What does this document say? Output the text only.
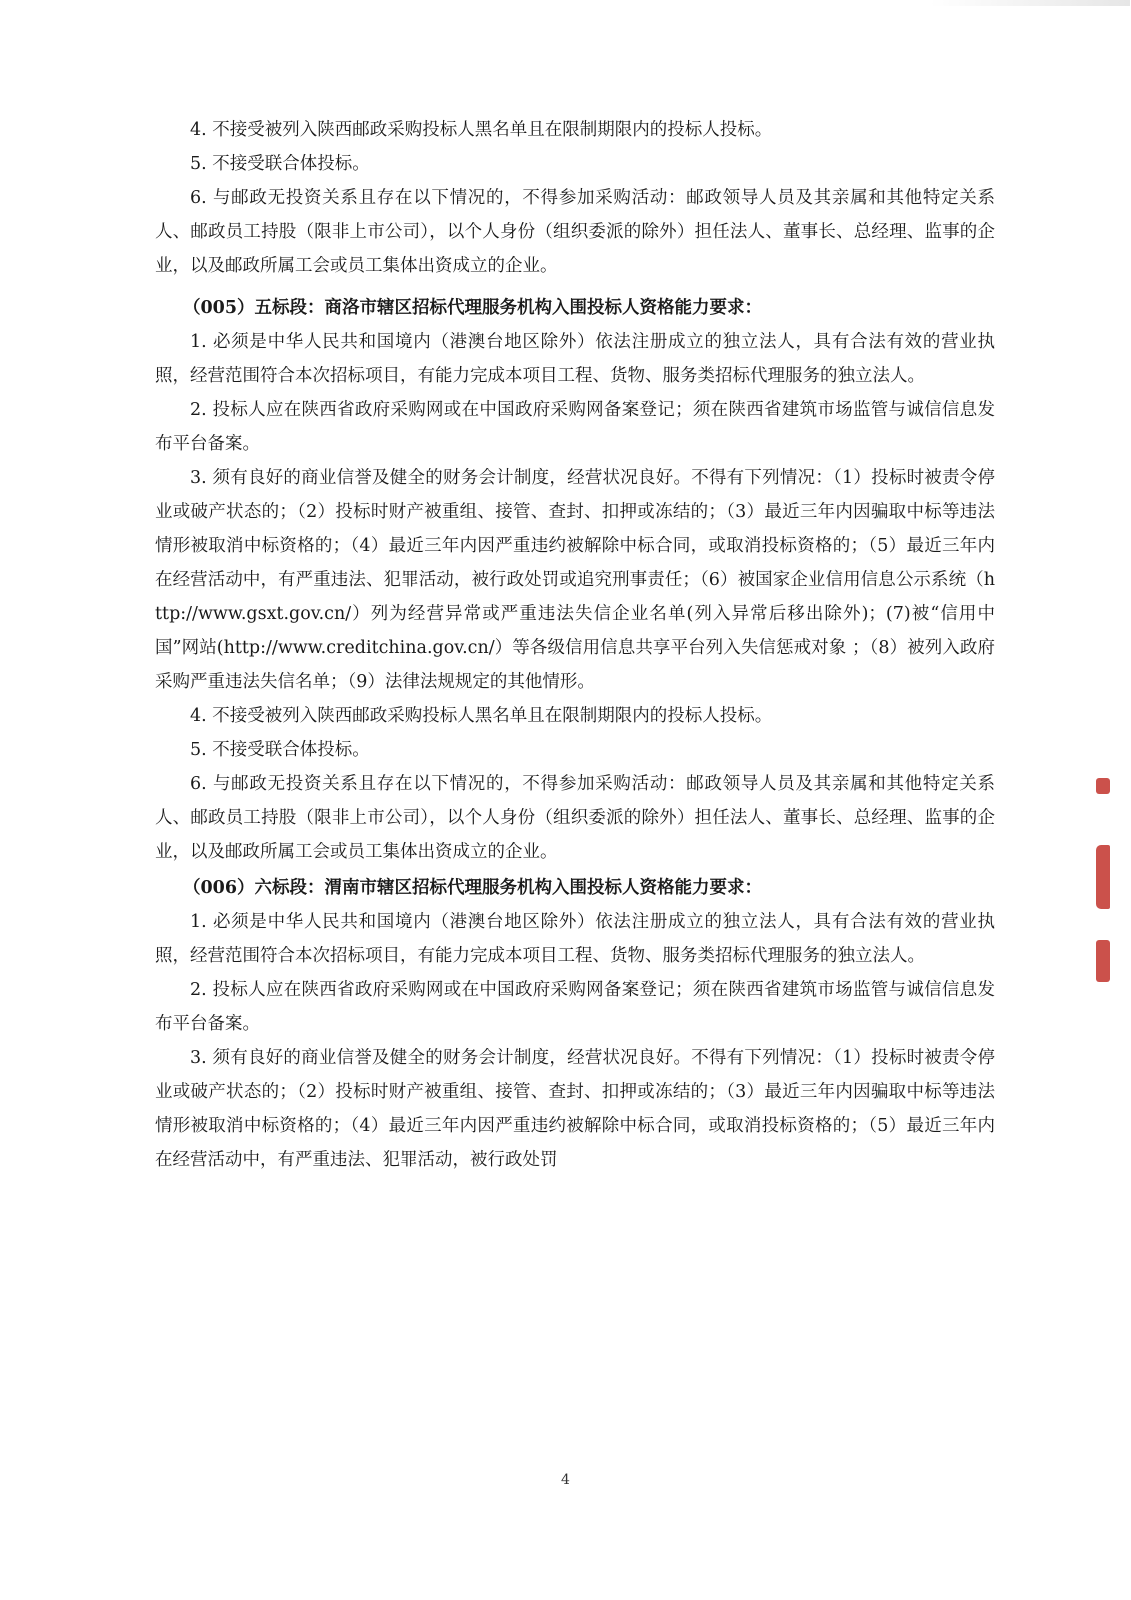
4. 不接受被列入陕西邮政采购投标人黑名单且在限制期限内的投标人投标。

5. 不接受联合体投标。

6. 与邮政无投资关系且存在以下情况的，不得参加采购活动：邮政领导人员及其亲属和其他特定关系人、邮政员工持股（限非上市公司），以个人身份（组织委派的除外）担任法人、董事长、总经理、监事的企业，以及邮政所属工会或员工集体出资成立的企业。

（005）五标段：商洛市辖区招标代理服务机构入围投标人资格能力要求：

1. 必须是中华人民共和国境内（港澳台地区除外）依法注册成立的独立法人，具有合法有效的营业执照，经营范围符合本次招标项目，有能力完成本项目工程、货物、服务类招标代理服务的独立法人。

2. 投标人应在陕西省政府采购网或在中国政府采购网备案登记；须在陕西省建筑市场监管与诚信信息发布平台备案。

3. 须有良好的商业信誉及健全的财务会计制度，经营状况良好。不得有下列情况：（1）投标时被责令停业或破产状态的；（2）投标时财产被重组、接管、查封、扣押或冻结的；（3）最近三年内因骗取中标等违法情形被取消中标资格的；（4）最近三年内因严重违约被解除中标合同，或取消投标资格的；（5）最近三年内在经营活动中，有严重违法、犯罪活动，被行政处罚或追究刑事责任；（6）被国家企业信用信息公示系统（http://www.gsxt.gov.cn/）列为经营异常或严重违法失信企业名单(列入异常后移出除外)；(7)被“信用中国”网站(http://www.creditchina.gov.cn/）等各级信用信息共享平台列入失信惩戒对象 ；（8）被列入政府采购严重违法失信名单；（9）法律法规规定的其他情形。

4. 不接受被列入陕西邮政采购投标人黑名单且在限制期限内的投标人投标。

5. 不接受联合体投标。

6. 与邮政无投资关系且存在以下情况的，不得参加采购活动：邮政领导人员及其亲属和其他特定关系人、邮政员工持股（限非上市公司），以个人身份（组织委派的除外）担任法人、董事长、总经理、监事的企业，以及邮政所属工会或员工集体出资成立的企业。

（006）六标段：渭南市辖区招标代理服务机构入围投标人资格能力要求：

1. 必须是中华人民共和国境内（港澳台地区除外）依法注册成立的独立法人，具有合法有效的营业执照，经营范围符合本次招标项目，有能力完成本项目工程、货物、服务类招标代理服务的独立法人。

2. 投标人应在陕西省政府采购网或在中国政府采购网备案登记；须在陕西省建筑市场监管与诚信信息发布平台备案。

3. 须有良好的商业信誉及健全的财务会计制度，经营状况良好。不得有下列情况：（1）投标时被责令停业或破产状态的；（2）投标时财产被重组、接管、查封、扣押或冻结的；（3）最近三年内因骗取中标等违法情形被取消中标资格的；（4）最近三年内因严重违约被解除中标合同，或取消投标资格的；（5）最近三年内在经营活动中，有严重违法、犯罪活动，被行政处罚

4
